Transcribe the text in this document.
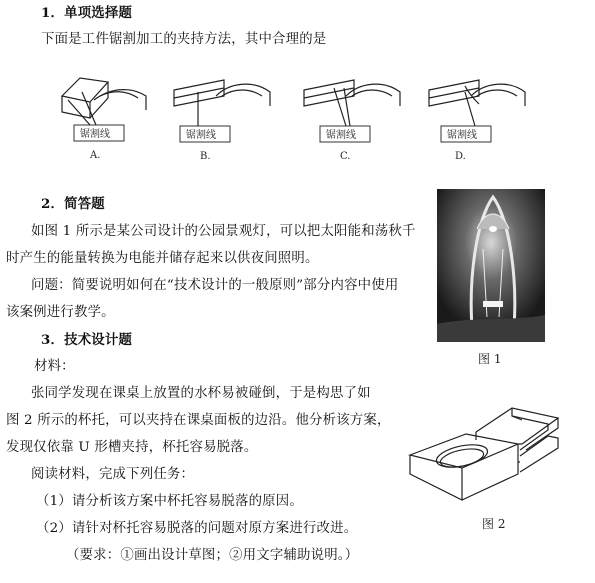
1．单项选择题
下面是工件锯割加工的夹持方法，其中合理的是
锯割线
A.
锯割线
B.
锯割线
C.
锯割线
D.
2．简答题
如图 1 所示是某公司设计的公园景观灯，可以把太阳能和荡秋千
时产生的能量转换为电能并储存起来以供夜间照明。
问题：简要说明如何在“技术设计的一般原则”部分内容中使用
该案例进行教学。
图 1
3．技术设计题
材料：
张同学发现在课桌上放置的水杯易被碰倒，于是构思了如
图 2 所示的杯托，可以夹持在课桌面板的边沿。他分析该方案，
发现仅依靠 U 形槽夹持，杯托容易脱落。
阅读材料，完成下列任务：
（1）请分析该方案中杯托容易脱落的原因。
（2）请针对杯托容易脱落的问题对原方案进行改进。
（要求：①画出设计草图；②用文字辅助说明。）
图 2
